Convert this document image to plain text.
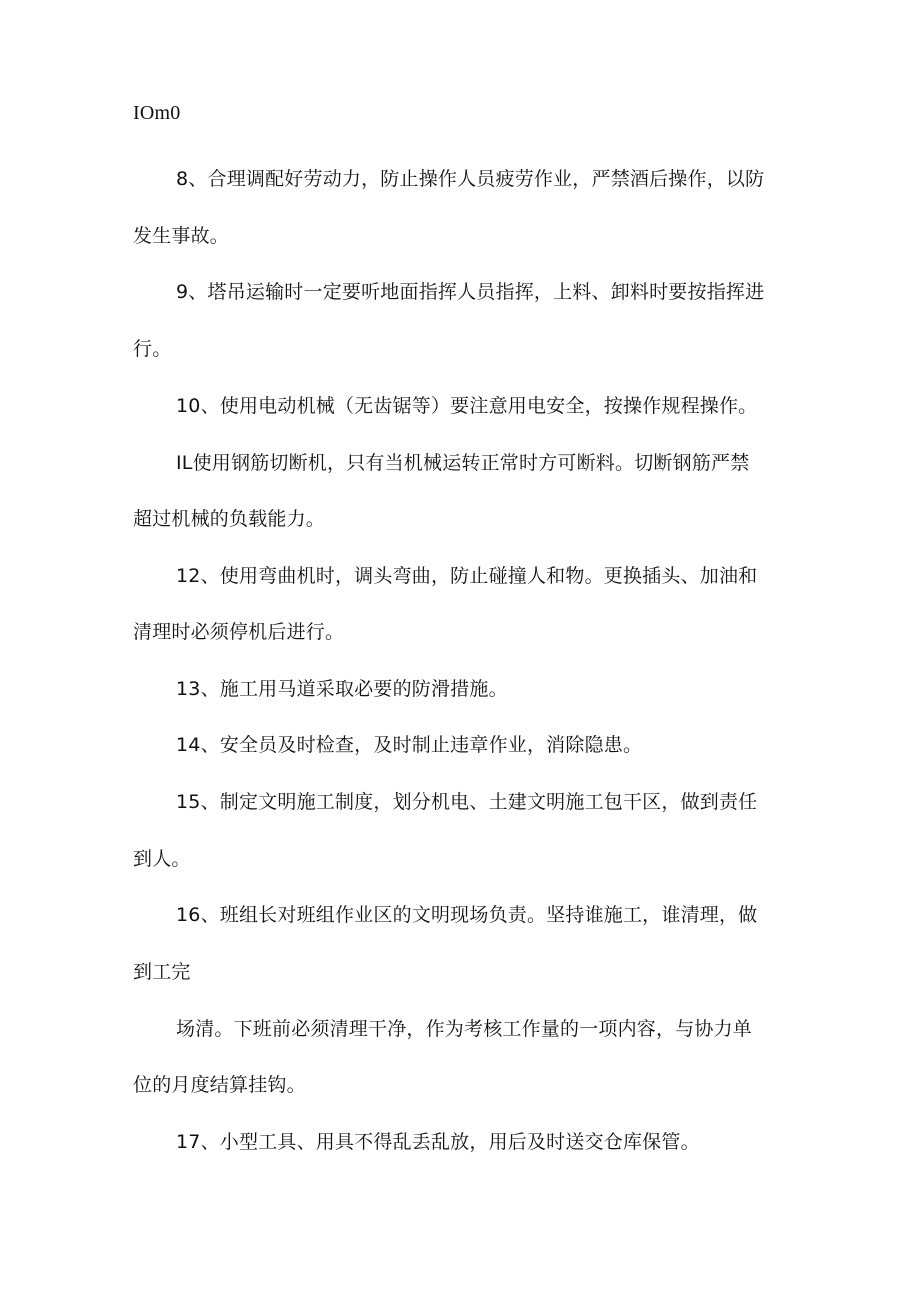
IOm0
8、合理调配好劳动力，防止操作人员疲劳作业，严禁酒后操作，以防
发生事故。
9、塔吊运输时一定要听地面指挥人员指挥，上料、卸料时要按指挥进
行。
10、使用电动机械（无齿锯等）要注意用电安全，按操作规程操作。
IL使用钢筋切断机，只有当机械运转正常时方可断料。切断钢筋严禁
超过机械的负载能力。
12、使用弯曲机时，调头弯曲，防止碰撞人和物。更换插头、加油和
清理时必须停机后进行。
13、施工用马道采取必要的防滑措施。
14、安全员及时检查，及时制止违章作业，消除隐患。
15、制定文明施工制度，划分机电、土建文明施工包干区，做到责任
到人。
16、班组长对班组作业区的文明现场负责。坚持谁施工，谁清理，做
到工完
场清。下班前必须清理干净，作为考核工作量的一项内容，与协力单
位的月度结算挂钩。
17、小型工具、用具不得乱丢乱放，用后及时送交仓库保管。
